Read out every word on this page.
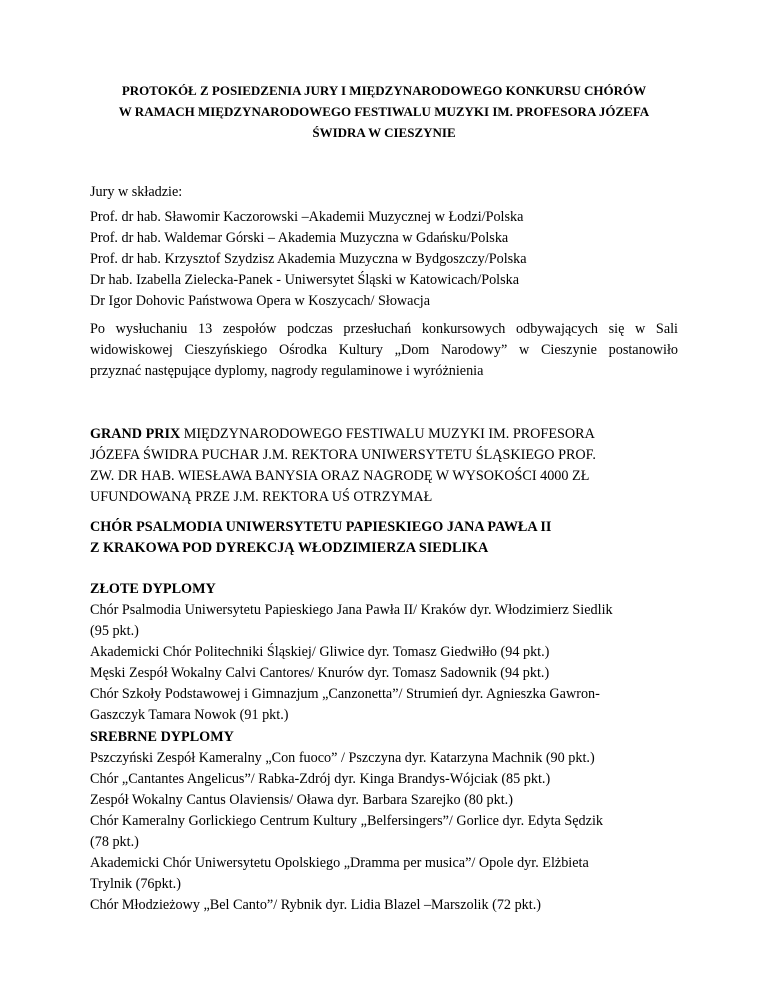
PROTOKÓŁ Z POSIEDZENIA JURY I MIĘDZYNARODOWEGO KONKURSU CHÓRÓW
W RAMACH MIĘDZYNARODOWEGO FESTIWALU MUZYKI IM. PROFESORA JÓZEFA
ŚWIDRA W CIESZYNIE
Jury w składzie:
Prof. dr hab. Sławomir Kaczorowski –Akademii Muzycznej w Łodzi/Polska
Prof. dr hab. Waldemar Górski – Akademia Muzyczna w Gdańsku/Polska
Prof. dr hab. Krzysztof Szydzisz Akademia Muzyczna w Bydgoszczy/Polska
Dr hab. Izabella Zielecka-Panek - Uniwersytet Śląski w Katowicach/Polska
Dr Igor Dohovic Państwowa Opera w Koszycach/ Słowacja
Po wysłuchaniu 13 zespołów podczas przesłuchań konkursowych odbywających się w Sali
widowiskowej Cieszyńskiego Ośrodka Kultury „Dom Narodowy” w Cieszynie postanowiło
przyznać następujące dyplomy, nagrody regulaminowe i wyróżnienia
GRAND PRIX MIĘDZYNARODOWEGO FESTIWALU MUZYKI IM. PROFESORA
JÓZEFA ŚWIDRA PUCHAR J.M. REKTORA UNIWERSYTETU ŚLĄSKIEGO PROF.
ZW. DR HAB. WIESŁAWA BANYSIA ORAZ NAGRODĘ W WYSOKOŚCI 4000 ZŁ
UFUNDOWANĄ PRZE J.M. REKTORA UŚ OTRZYMAŁ
CHÓR PSALMODIA UNIWERSYTETU PAPIESKIEGO JANA PAWŁA II
Z KRAKOWA POD DYREKCJĄ WŁODZIMIERZA SIEDLIKA
ZŁOTE DYPLOMY
Chór Psalmodia Uniwersytetu Papieskiego Jana Pawła II/ Kraków dyr. Włodzimierz Siedlik
(95 pkt.)
Akademicki Chór Politechniki Śląskiej/ Gliwice dyr. Tomasz Giedwiłło (94 pkt.)
Męski Zespół Wokalny Calvi Cantores/ Knurów dyr. Tomasz Sadownik (94 pkt.)
Chór Szkoły Podstawowej i Gimnazjum „Canzonetta”/ Strumień dyr. Agnieszka Gawron-
Gaszczyk Tamara Nowok (91 pkt.)
SREBRNE DYPLOMY
Pszczyński Zespół Kameralny „Con fuoco” / Pszczyna dyr. Katarzyna Machnik (90 pkt.)
Chór „Cantantes Angelicus”/ Rabka-Zdrój dyr. Kinga Brandys-Wójciak (85 pkt.)
Zespół Wokalny Cantus Olaviensis/ Oława dyr. Barbara Szarejko (80 pkt.)
Chór Kameralny Gorlickiego Centrum Kultury „Belfersingers”/ Gorlice dyr. Edyta Sędzik
(78 pkt.)
Akademicki Chór Uniwersytetu Opolskiego „Dramma per musica”/ Opole dyr. Elżbieta
Trylnik (76pkt.)
Chór Młodzieżowy „Bel Canto”/ Rybnik dyr. Lidia Blazel –Marszolik (72 pkt.)
